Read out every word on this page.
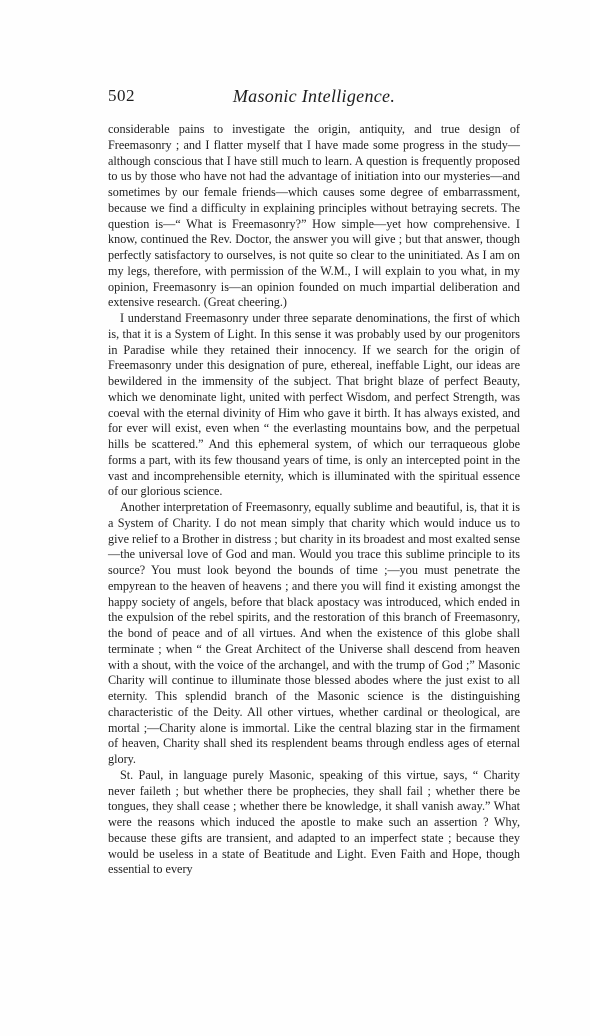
502	Masonic Intelligence.

considerable pains to investigate the origin, antiquity, and true design of Freemasonry ; and I flatter myself that I have made some progress in the study—although conscious that I have still much to learn. A question is frequently proposed to us by those who have not had the advantage of initiation into our mysteries—and sometimes by our female friends—which causes some degree of embarrassment, because we find a difficulty in explaining principles without betraying secrets. The question is—“ What is Freemasonry?” How simple—yet how comprehensive. I know, continued the Rev. Doctor, the answer you will give ; but that answer, though perfectly satisfactory to ourselves, is not quite so clear to the uninitiated. As I am on my legs, therefore, with permission of the W.M., I will explain to you what, in my opinion, Freemasonry is—an opinion founded on much impartial deliberation and extensive research. (Great cheering.)

I understand Freemasonry under three separate denominations, the first of which is, that it is a System of Light. In this sense it was probably used by our progenitors in Paradise while they retained their innocency. If we search for the origin of Freemasonry under this designation of pure, ethereal, ineffable Light, our ideas are bewildered in the immensity of the subject. That bright blaze of perfect Beauty, which we denominate light, united with perfect Wisdom, and perfect Strength, was coeval with the eternal divinity of Him who gave it birth. It has always existed, and for ever will exist, even when “ the everlasting mountains bow, and the perpetual hills be scattered.” And this ephemeral system, of which our terraqueous globe forms a part, with its few thousand years of time, is only an intercepted point in the vast and incomprehensible eternity, which is illuminated with the spiritual essence of our glorious science.

Another interpretation of Freemasonry, equally sublime and beautiful, is, that it is a System of Charity. I do not mean simply that charity which would induce us to give relief to a Brother in distress ; but charity in its broadest and most exalted sense—the universal love of God and man. Would you trace this sublime principle to its source? You must look beyond the bounds of time ;—you must penetrate the empyrean to the heaven of heavens ; and there you will find it existing amongst the happy society of angels, before that black apostacy was introduced, which ended in the expulsion of the rebel spirits, and the restoration of this branch of Freemasonry, the bond of peace and of all virtues. And when the existence of this globe shall terminate ; when “ the Great Architect of the Universe shall descend from heaven with a shout, with the voice of the archangel, and with the trump of God ;” Masonic Charity will continue to illuminate those blessed abodes where the just exist to all eternity. This splendid branch of the Masonic science is the distinguishing characteristic of the Deity. All other virtues, whether cardinal or theological, are mortal ;—Charity alone is immortal. Like the central blazing star in the firmament of heaven, Charity shall shed its resplendent beams through endless ages of eternal glory.

St. Paul, in language purely Masonic, speaking of this virtue, says, “ Charity never faileth ; but whether there be prophecies, they shall fail ; whether there be tongues, they shall cease ; whether there be knowledge, it shall vanish away.” What were the reasons which induced the apostle to make such an assertion ? Why, because these gifts are transient, and adapted to an imperfect state ; because they would be useless in a state of Beatitude and Light. Even Faith and Hope, though essential to every
